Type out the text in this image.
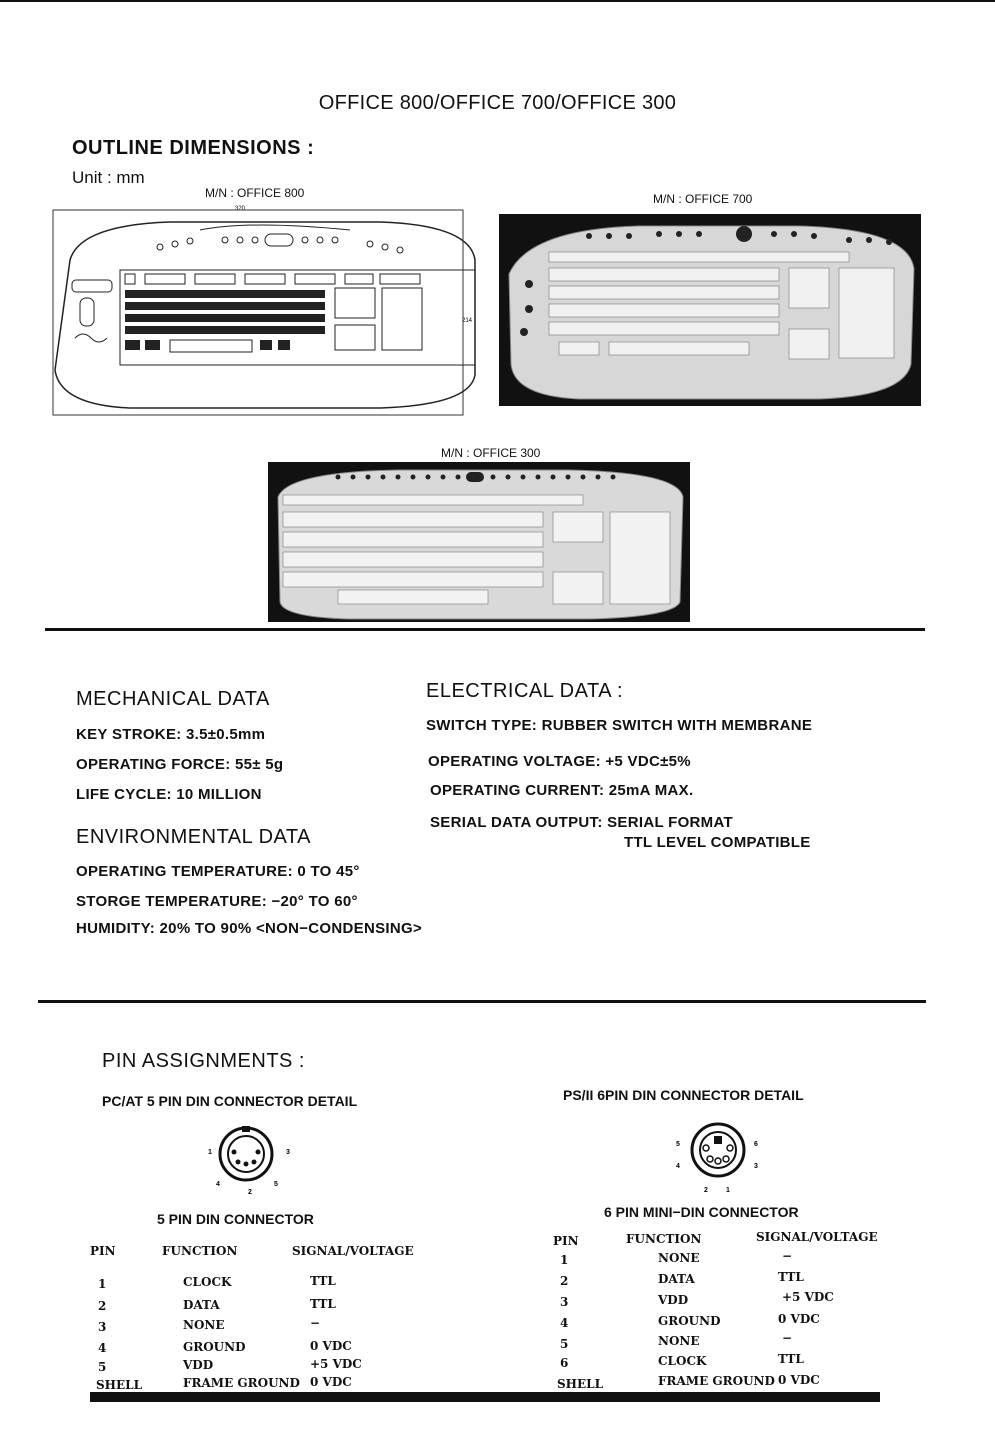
OFFICE 800/OFFICE 700/OFFICE 300
OUTLINE DIMENSIONS :
Unit : mm
M/N : OFFICE 800
320
214
M/N : OFFICE 700
M/N : OFFICE 300
MECHANICAL DATA
KEY STROKE: 3.5±0.5mm
OPERATING FORCE: 55± 5g
LIFE CYCLE: 10 MILLION
ENVIRONMENTAL DATA
OPERATING TEMPERATURE: 0 TO 45°
STORGE TEMPERATURE: −20° TO 60°
HUMIDITY: 20% TO 90% <NON−CONDENSING>
ELECTRICAL DATA :
SWITCH TYPE: RUBBER SWITCH WITH MEMBRANE
OPERATING VOLTAGE: +5 VDC±5%
OPERATING CURRENT: 25mA MAX.
SERIAL DATA OUTPUT: SERIAL FORMAT
TTL LEVEL COMPATIBLE
PIN ASSIGNMENTS :
PC/AT 5 PIN DIN CONNECTOR DETAIL	PS/II 6PIN DIN CONNECTOR DETAIL
1
2
3
4	5
1
2
3
4
5	6
5 PIN DIN CONNECTOR
PIN	FUNCTION	SIGNAL/VOLTAGE
1	CLOCK	TTL
2	DATA	TTL
3	NONE	−
4	GROUND	0 VDC
5	VDD	+5 VDC
SHELL	FRAME GROUND 0 VDC
6 PIN MINI−DIN CONNECTOR
PIN	FUNCTION	SIGNAL/VOLTAGE
1	NONE	−
2	DATA	TTL
3	VDD	+5 VDC
4	GROUND	0 VDC
5	NONE	−
6	CLOCK	TTL
SHELL	FRAME GROUND 0 VDC
